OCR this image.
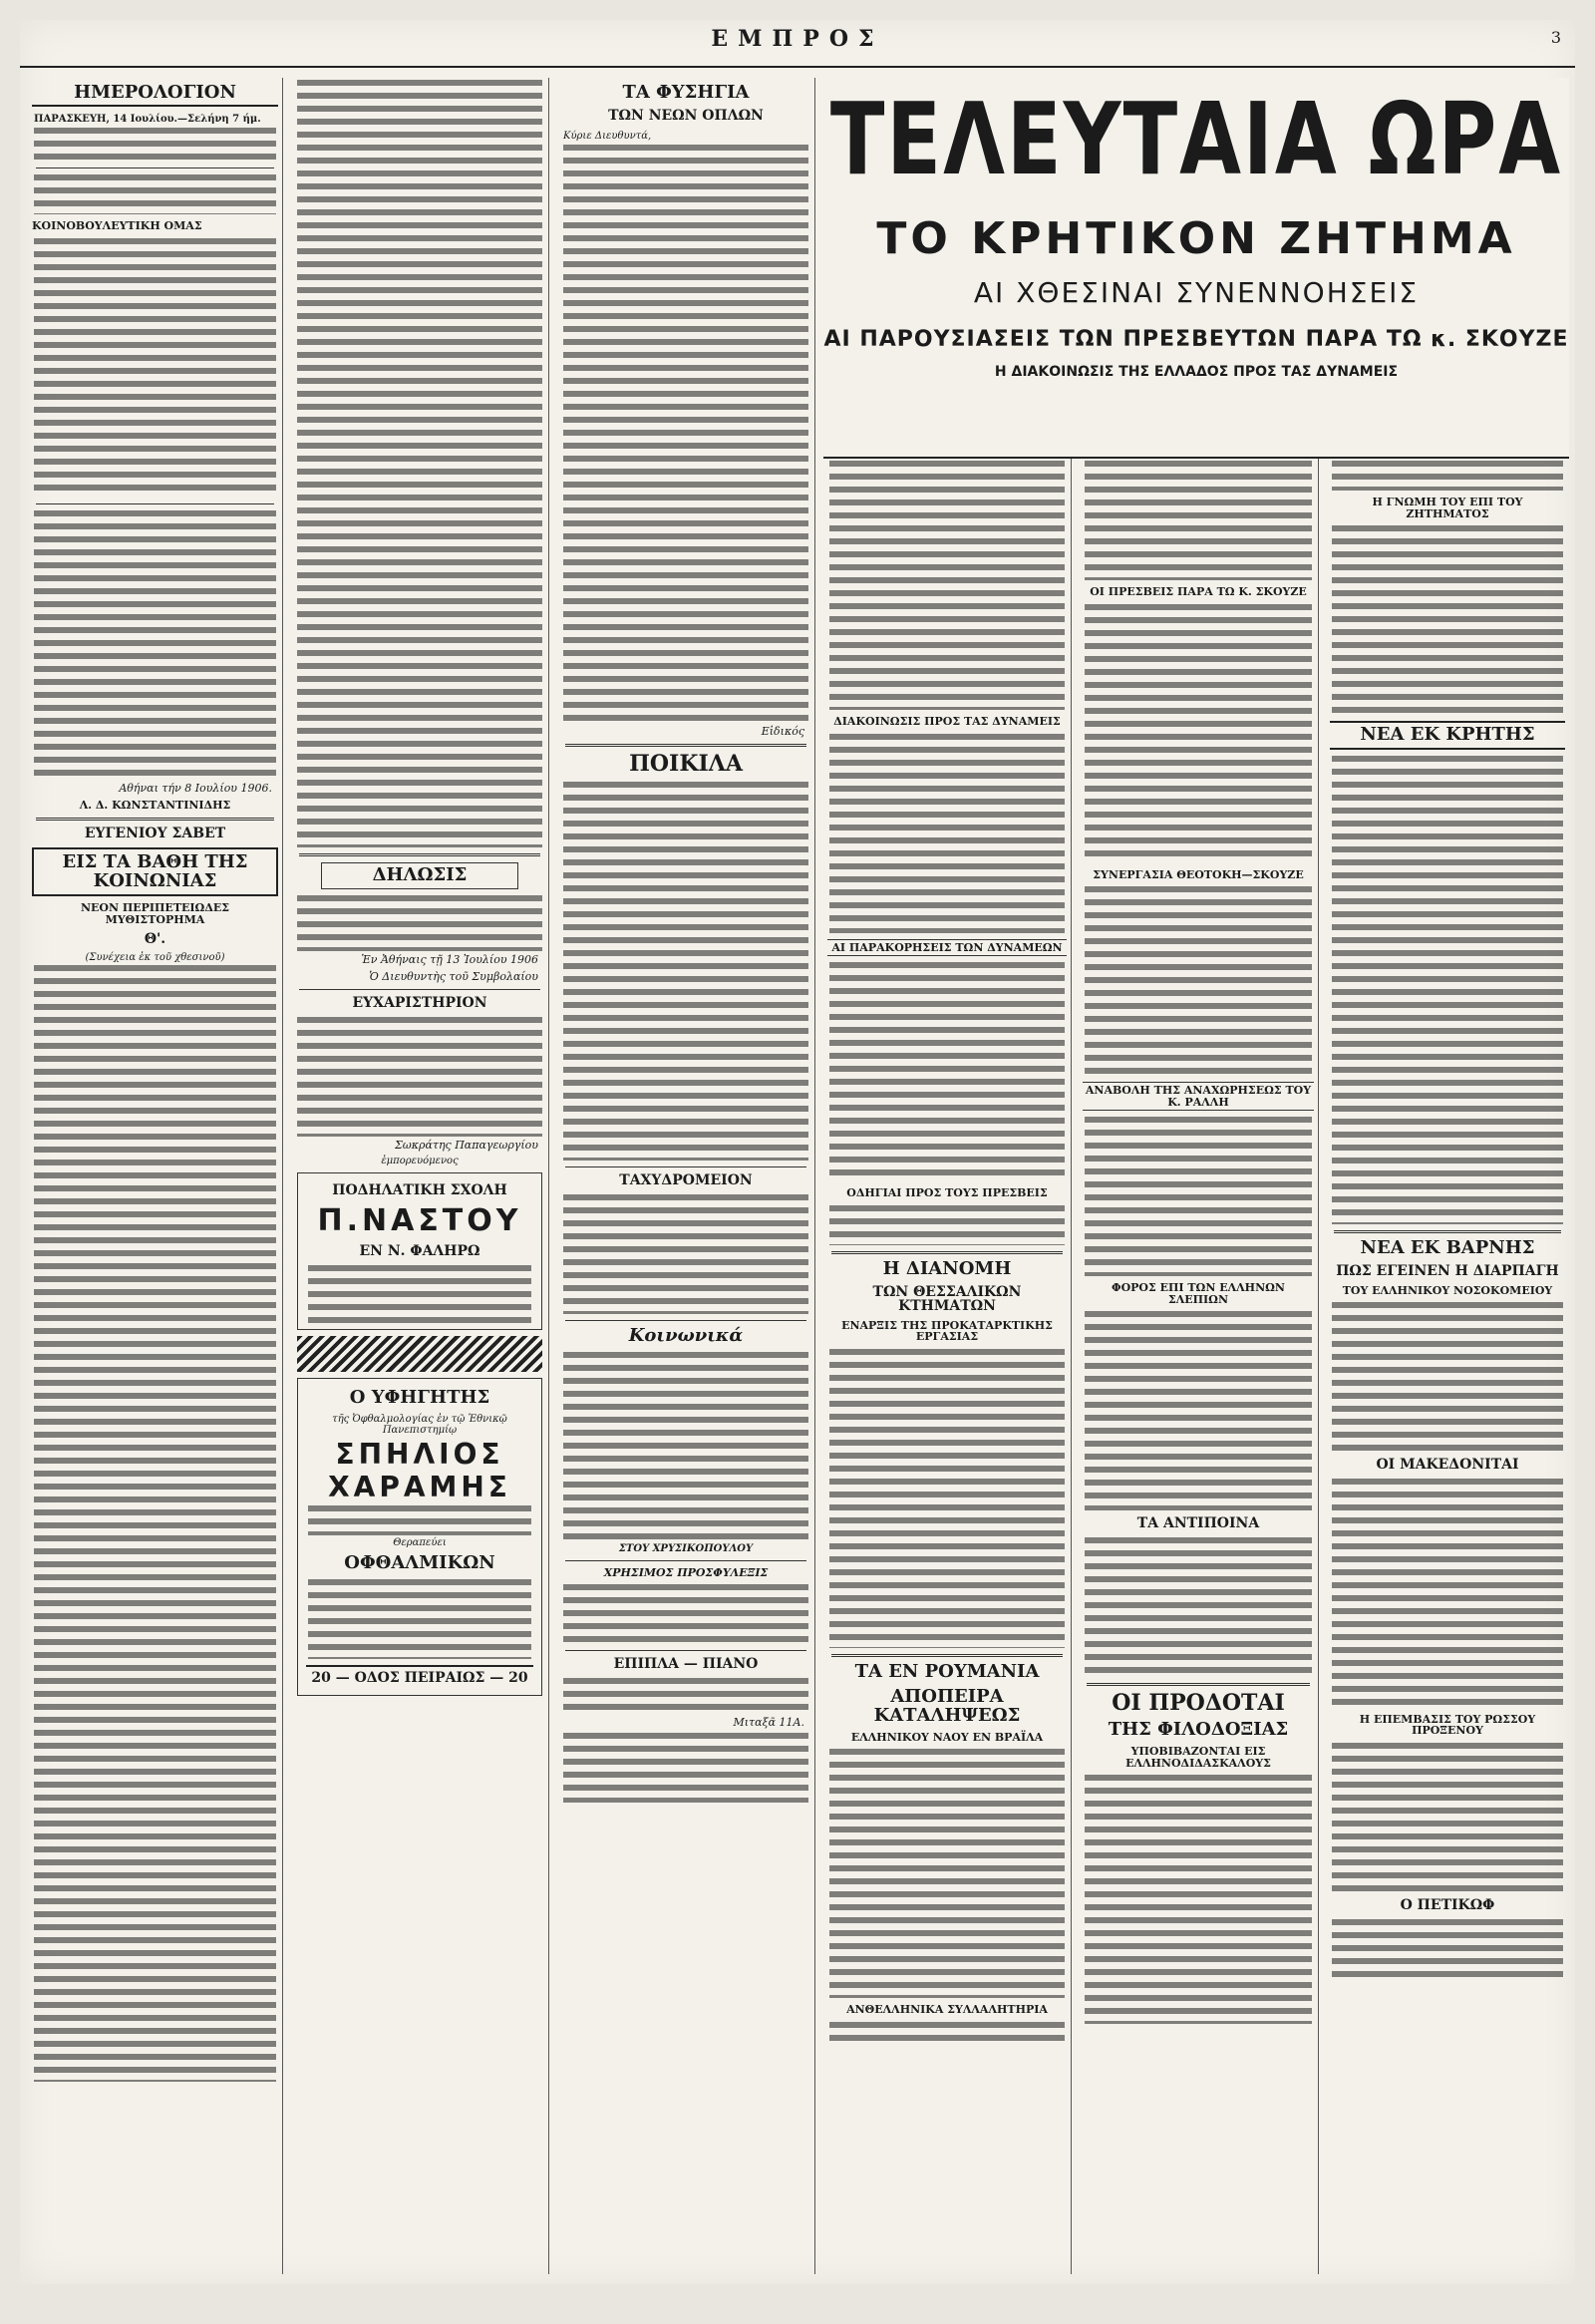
ΕΜΠΡΟΣ	3
ΗΜΕΡΟΛΟΓΙΟΝ
ΠΑΡΑΣΚΕΥΗ, 14 Ιουλίου.—Σελήνη 7 ήμ.
ΚΟΙΝΟΒΟΥΛΕΥΤΙΚΗ ΟΜΑΣ
Αθήναι τήν 8 Ιουλίου 1906.
Λ. Δ. ΚΩΝΣΤΑΝΤΙΝΙΔΗΣ
ΕΥΓΕΝΙΟΥ ΣΑΒΕΤ
ΕΙΣ ΤΑ ΒΑΘΗ ΤΗΣ ΚΟΙΝΩΝΙΑΣ
ΝΕΟΝ ΠΕΡΙΠΕΤΕΙΩΔΕΣ ΜΥΘΙΣΤΟΡΗΜΑ
Θ'.
(Συνέχεια ἐκ τοῦ χθεσινοῦ)
ΔΗΛΩΣΙΣ
Ἐν Ἀθήναις τῇ 13 Ἰουλίου 1906
Ὁ Διευθυντὴς τοῦ Συμβολαίου
ΕΥΧΑΡΙΣΤΗΡΙΟΝ
Σωκράτης Παπαγεωργίου
ἐμπορευόμενος
ΠΟΔΗΛΑΤΙΚΗ ΣΧΟΛΗ
Π.ΝΑΣΤΟΥ
ΕΝ Ν. ΦΑΛΗΡΩ
Ο ΥΦΗΓΗΤΗΣ
τῆς Ὀφθαλμολογίας ἐν τῷ Ἐθνικῷ Πανεπιστημίῳ
ΣΠΗΛΙΟΣ
ΧΑΡΑΜΗΣ
Θεραπεύει
ΟΦΘΑΛΜΙΚΩΝ
20 — ΟΔΟΣ ΠΕΙΡΑΙΩΣ — 20
ΤΑ ΦΥΣΗΓΙΑ
ΤΩΝ ΝΕΩΝ ΟΠΛΩΝ
Κύριε Διευθυντά,
Εἰδικός
ΠΟΙΚΙΛΑ
ΤΑΧΥΔΡΟΜΕΙΟΝ
Κοινωνικά
ΣΤΟΥ ΧΡΥΣΙΚΟΠΟΥΛΟΥ
ΧΡΗΣΙΜΟΣ ΠΡΟΣΦΥΛΕΞΙΣ
ΕΠΙΠΛΑ — ΠΙΑΝΟ
Μιταξᾶ 11Α.
ΤΕΛΕΥΤΑΙΑ ΩΡΑ
ΤΟ ΚΡΗΤΙΚΟΝ ΖΗΤΗΜΑ
ΑΙ ΧΘΕΣΙΝΑΙ ΣΥΝΕΝΝΟΗΣΕΙΣ
ΑΙ ΠΑΡΟΥΣΙΑΣΕΙΣ ΤΩΝ ΠΡΕΣΒΕΥΤΩΝ ΠΑΡΑ ΤΩ κ. ΣΚΟΥΖΕ
Η ΔΙΑΚΟΙΝΩΣΙΣ ΤΗΣ ΕΛΛΑΔΟΣ ΠΡΟΣ ΤΑΣ ΔΥΝΑΜΕΙΣ
ΔΙΑΚΟΙΝΩΣΙΣ ΠΡΟΣ ΤΑΣ ΔΥΝΑΜΕΙΣ
ΑΙ ΠΑΡΑΚΟΡΗΣΕΙΣ ΤΩΝ ΔΥΝΑΜΕΩΝ
ΟΔΗΓΙΑΙ ΠΡΟΣ ΤΟΥΣ ΠΡΕΣΒΕΙΣ
Η ΔΙΑΝΟΜΗ
ΤΩΝ ΘΕΣΣΑΛΙΚΩΝ ΚΤΗΜΑΤΩΝ
ΕΝΑΡΞΙΣ ΤΗΣ ΠΡΟΚΑΤΑΡΚΤΙΚΗΣ ΕΡΓΑΣΙΑΣ
ΤΑ ΕΝ ΡΟΥΜΑΝΙΑ
ΑΠΟΠΕΙΡΑ ΚΑΤΑΛΗΨΕΩΣ
ΕΛΛΗΝΙΚΟΥ ΝΑΟΥ ΕΝ ΒΡΑΪΛΑ
ΑΝΘΕΛΛΗΝΙΚΑ ΣΥΛΛΑΛΗΤΗΡΙΑ
ΟΙ ΠΡΕΣΒΕΙΣ ΠΑΡΑ ΤΩ Κ. ΣΚΟΥΖΕ
ΣΥΝΕΡΓΑΣΙΑ ΘΕΟΤΟΚΗ—ΣΚΟΥΖΕ
ΑΝΑΒΟΛΗ ΤΗΣ ΑΝΑΧΩΡΗΣΕΩΣ ΤΟΥ Κ. ΡΑΛΛΗ
ΦΟΡΟΣ ΕΠΙ ΤΩΝ ΕΛΛΗΝΩΝ ΣΛΕΠΙΩΝ
ΤΑ ΑΝΤΙΠΟΙΝΑ
ΟΙ ΠΡΟΔΟΤΑΙ
ΤΗΣ ΦΙΛΟΔΟΞΙΑΣ
ΥΠΟΒΙΒΑΖΟΝΤΑΙ ΕΙΣ ΕΛΛΗΝΟΔΙΔΑΣΚΑΛΟΥΣ
Η ΓΝΩΜΗ ΤΟΥ ΕΠΙ ΤΟΥ ΖΗΤΗΜΑΤΟΣ
ΝΕΑ ΕΚ ΚΡΗΤΗΣ
ΝΕΑ ΕΚ ΒΑΡΝΗΣ
ΠΩΣ ΕΓΕΙΝΕΝ Η ΔΙΑΡΠΑΓΗ
ΤΟΥ ΕΛΛΗΝΙΚΟΥ ΝΟΣΟΚΟΜΕΙΟΥ
ΟΙ ΜΑΚΕΔΟΝΙΤΑΙ
Η ΕΠΕΜΒΑΣΙΣ ΤΟΥ ΡΩΣΣΟΥ ΠΡΟΞΕΝΟΥ
Ο ΠΕΤΙΚΩΦ
